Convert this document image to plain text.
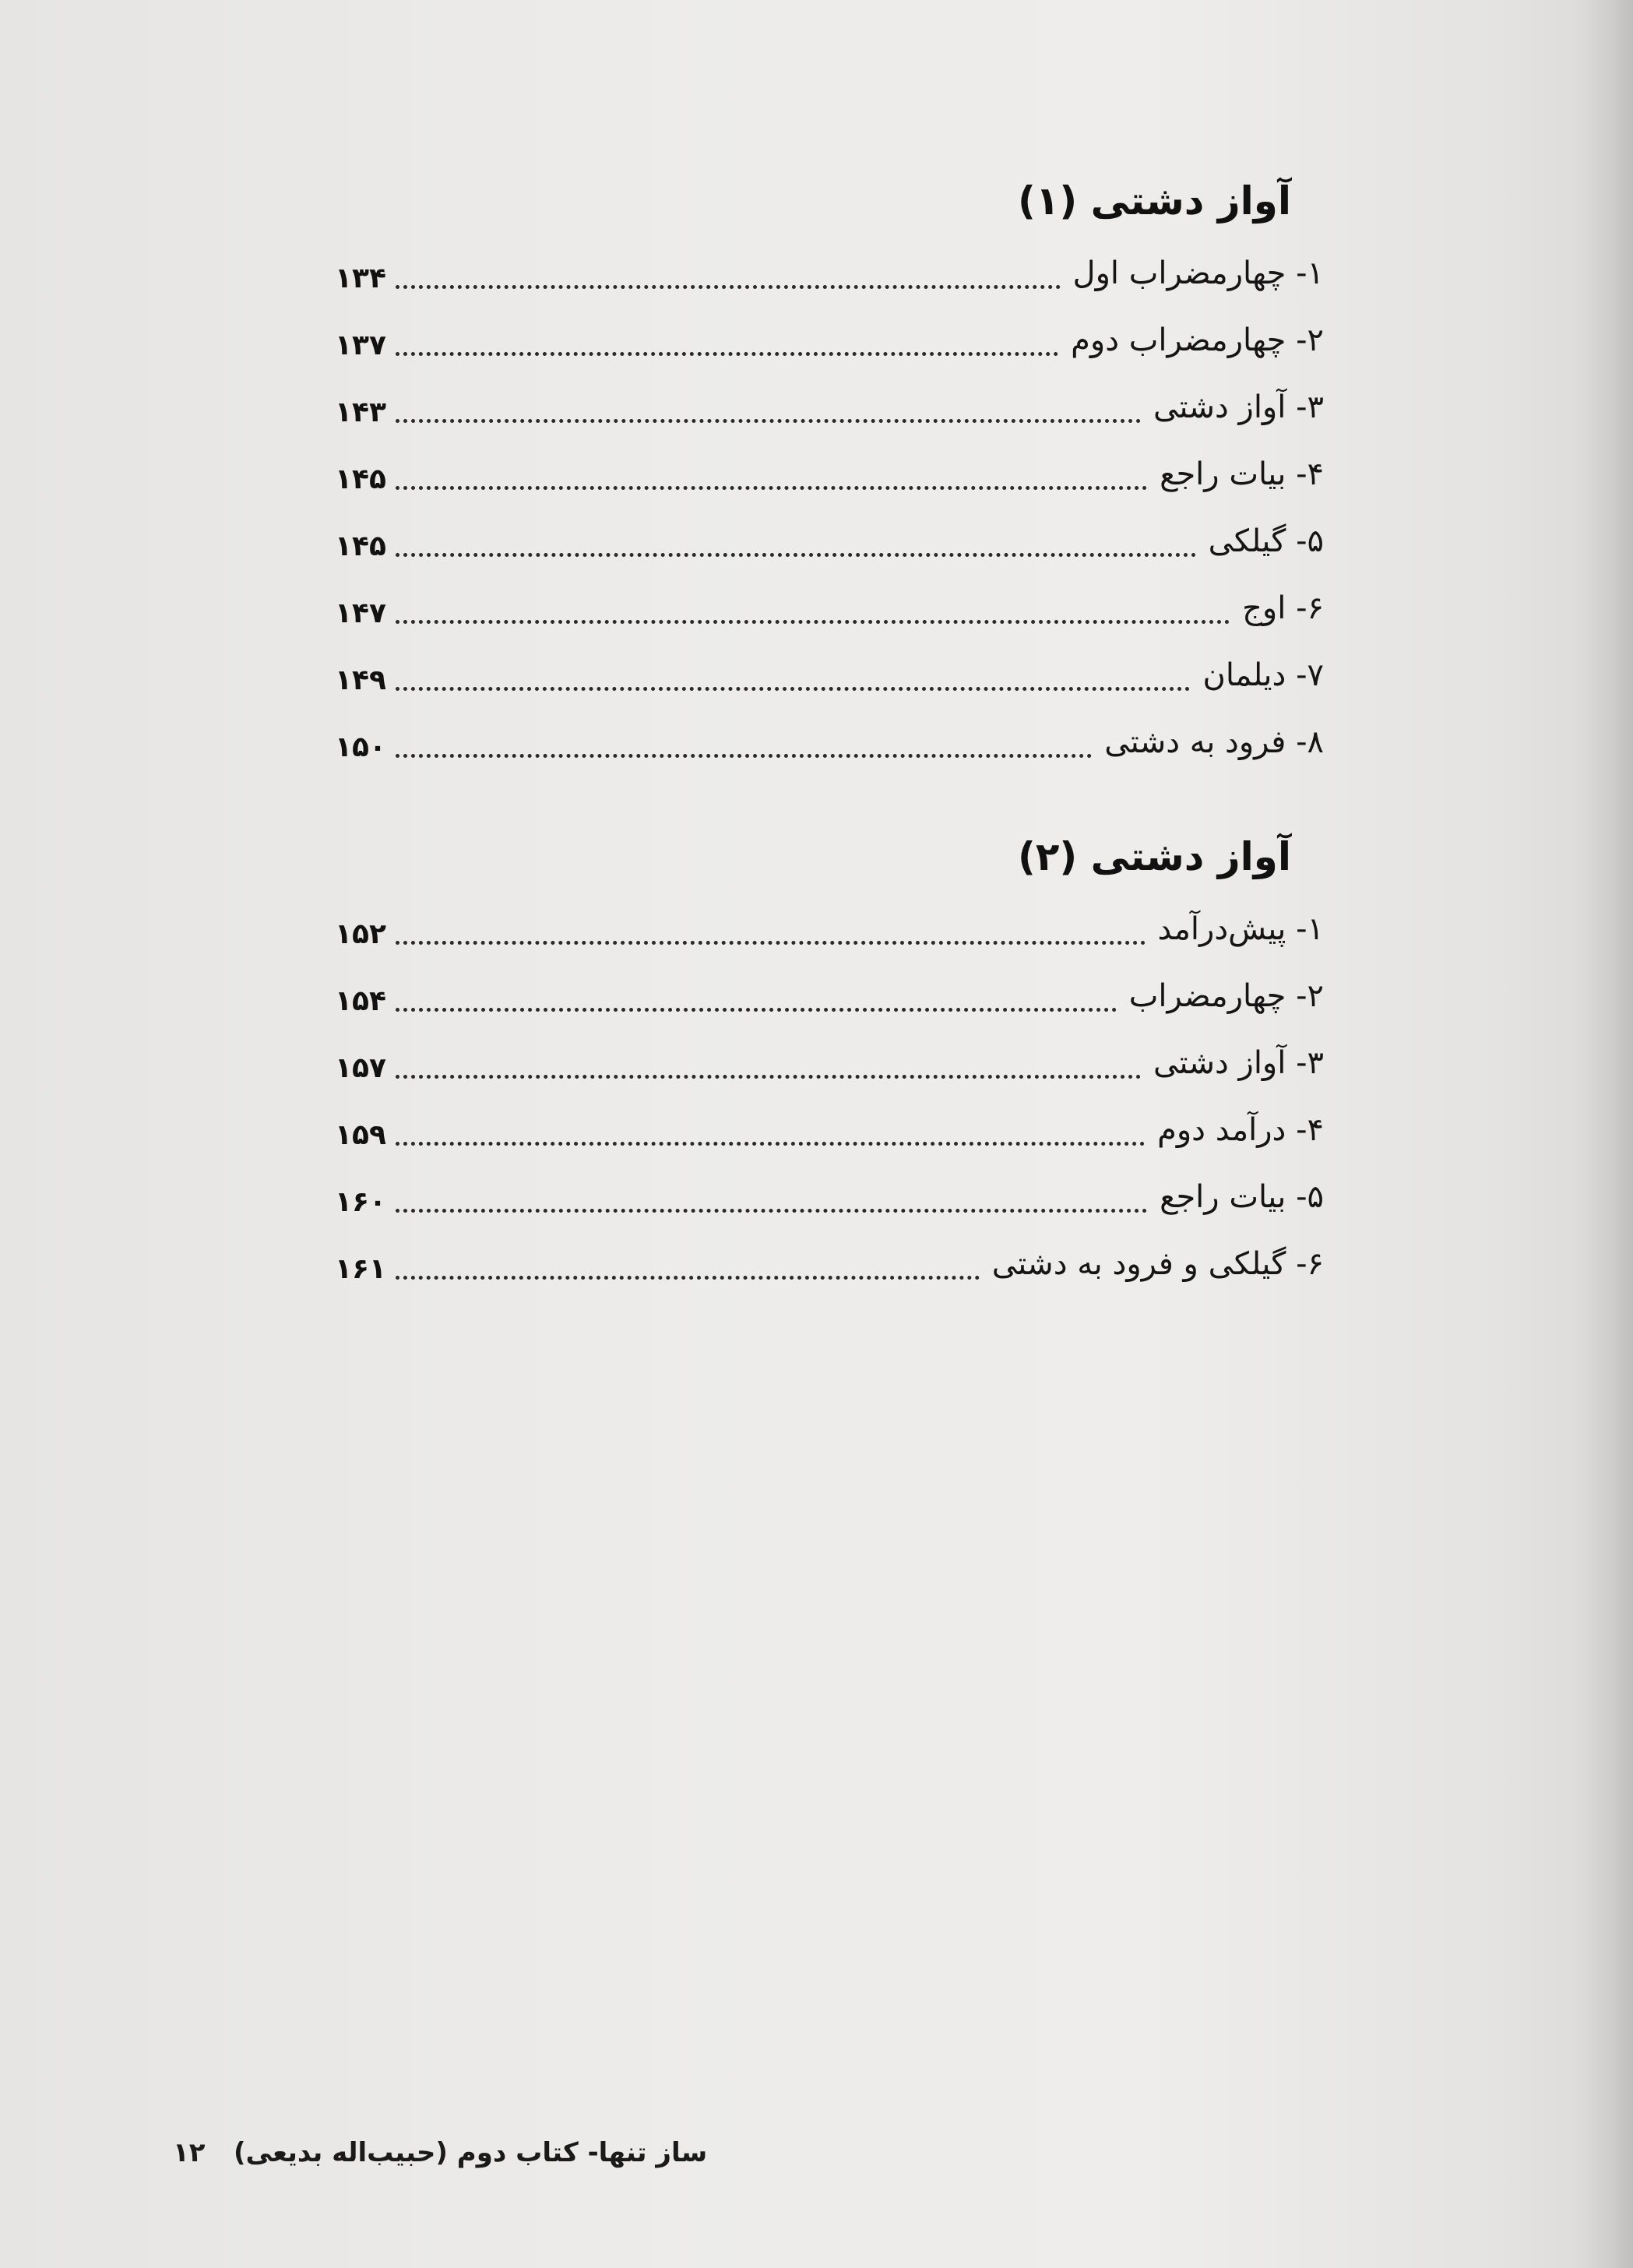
آواز دشتی (۱)
۱- چهارمضراب اول
۱۳۴
۲- چهارمضراب دوم
۱۳۷
۳- آواز دشتی
۱۴۳
۴- بیات راجع
۱۴۵
۵- گیلکی
۱۴۵
۶- اوج
۱۴۷
۷- دیلمان
۱۴۹
۸- فرود به دشتی
۱۵۰
آواز دشتی (۲)
۱- پیش‌درآمد
۱۵۲
۲- چهارمضراب
۱۵۴
۳- آواز دشتی
۱۵۷
۴- درآمد دوم
۱۵۹
۵- بیات راجع
۱۶۰
۶- گیلکی و فرود به دشتی
۱۶۱
۱۲ ساز تنها- کتاب دوم (حبیب‌اله بدیعی)
